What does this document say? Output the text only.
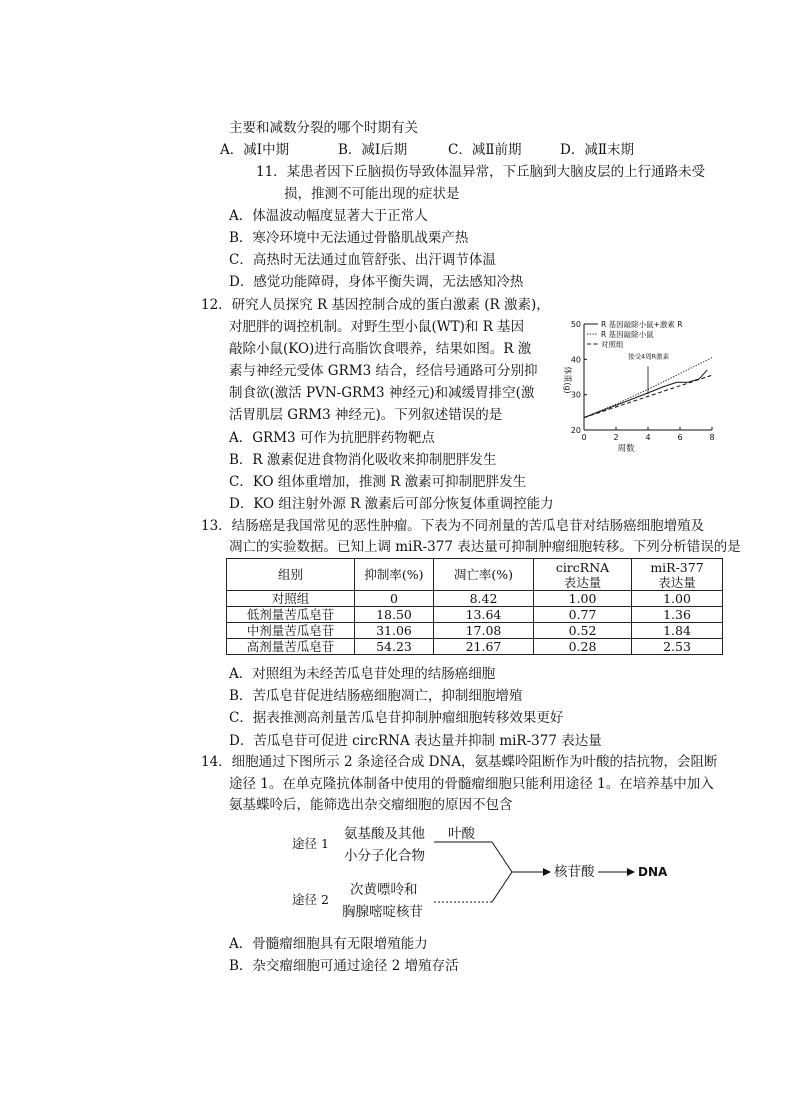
主要和减数分裂的哪个时期有关
A．减Ⅰ中期	B．减Ⅰ后期	C．减Ⅱ前期	D．减Ⅱ末期
11．某患者因下丘脑损伤导致体温异常，下丘脑到大脑皮层的上行通路未受
损，推测不可能出现的症状是
A．体温波动幅度显著大于正常人
B．寒冷环境中无法通过骨骼肌战栗产热
C．高热时无法通过血管舒张、出汗调节体温
D．感觉功能障碍，身体平衡失调，无法感知冷热
12．研究人员探究 R 基因控制合成的蛋白激素 (R 激素)，
对肥胖的调控机制。对野生型小鼠(WT)和 R 基因
敲除小鼠(KO)进行高脂饮食喂养，结果如图。R 激
素与神经元受体 GRM3 结合，经信号通路可分别抑
制食欲(激活 PVN-GRM3 神经元)和减缓胃排空(激
活胃肌层 GRM3 神经元)。下列叙述错误的是
A．GRM3 可作为抗肥胖药物靶点
B．R 激素促进食物消化吸收来抑制肥胖发生
C．KO 组体重增加，推测 R 激素可抑制肥胖发生
D．KO 组注射外源 R 激素后可部分恢复体重调控能力
R 基因敲除小鼠+激素 R
R 基因敲除小鼠
对照组
0	2	4	6	8
20
30
40
50
周数
体重(g)
接受4周R激素
13．结肠癌是我国常见的恶性肿瘤。下表为不同剂量的苦瓜皂苷对结肠癌细胞增殖及
凋亡的实验数据。已知上调 miR-377 表达量可抑制肿瘤细胞转移。下列分析错误的是
组别	抑制率(%)	凋亡率(%)	circRNA
表达量	miR-377
表达量
对照组	0	8.42	1.00	1.00
低剂量苦瓜皂苷	18.50	13.64	0.77	1.36
中剂量苦瓜皂苷	31.06	17.08	0.52	1.84
高剂量苦瓜皂苷	54.23	21.67	0.28	2.53
A．对照组为未经苦瓜皂苷处理的结肠癌细胞
B．苦瓜皂苷促进结肠癌细胞凋亡，抑制细胞增殖
C．据表推测高剂量苦瓜皂苷抑制肿瘤细胞转移效果更好
D．苦瓜皂苷可促进 circRNA 表达量并抑制 miR-377 表达量
14．细胞通过下图所示 2 条途径合成 DNA，氨基蝶呤阻断作为叶酸的拮抗物，会阻断
途径 1。在单克隆抗体制备中使用的骨髓瘤细胞只能利用途径 1。在培养基中加入
氨基蝶呤后，能筛选出杂交瘤细胞的原因不包含
途径 1
氨基酸及其他
小分子化合物
叶酸
途径 2
次黄嘌呤和
胸腺嘧啶核苷
核苷酸	DNA
A．骨髓瘤细胞具有无限增殖能力
B．杂交瘤细胞可通过途径 2 增殖存活
